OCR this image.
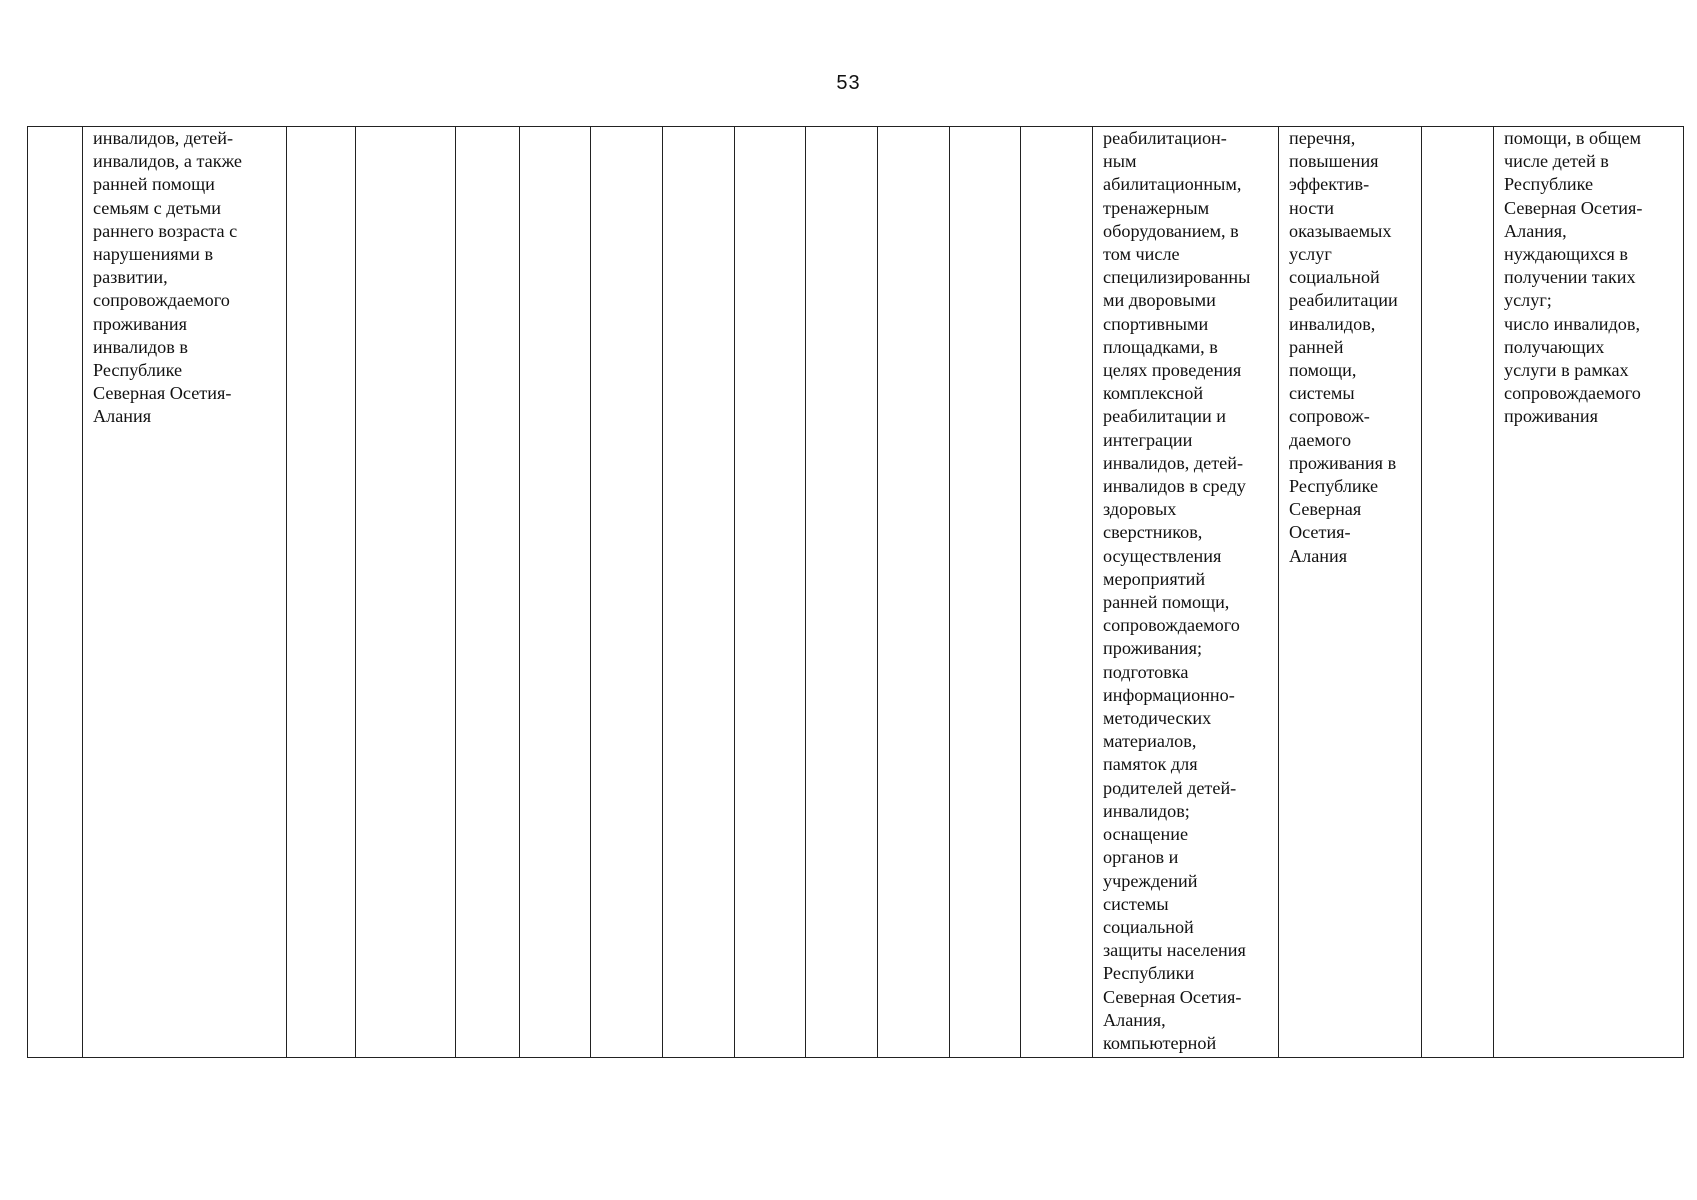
53

инвалидов, детей-
инвалидов, а также
ранней помощи
семьям с детьми
раннего возраста с
нарушениями в
развитии,
сопровождаемого
проживания
инвалидов в
Республике
Северная Осетия-
Алания

реабилитацион-
ным
абилитационным,
тренажерным
оборудованием, в
том числе
специлизированны
ми дворовыми
спортивными
площадками, в
целях проведения
комплексной
реабилитации и
интеграции
инвалидов, детей-
инвалидов в среду
здоровых
сверстников,
осуществления
мероприятий
ранней помощи,
сопровождаемого
проживания;
подготовка
информационно-
методических
материалов,
памяток для
родителей детей-
инвалидов;
оснащение
органов и
учреждений
системы
социальной
защиты населения
Республики
Северная Осетия-
Алания,
компьютерной

перечня,
повышения
эффектив-
ности
оказываемых
услуг
социальной
реабилитации
инвалидов,
ранней
помощи,
системы
сопровож-
даемого
проживания в
Республике
Северная
Осетия-
Алания

помощи, в общем
числе детей в
Республике
Северная Осетия-
Алания,
нуждающихся в
получении таких
услуг;
число инвалидов,
получающих
услуги в рамках
сопровождаемого
проживания
